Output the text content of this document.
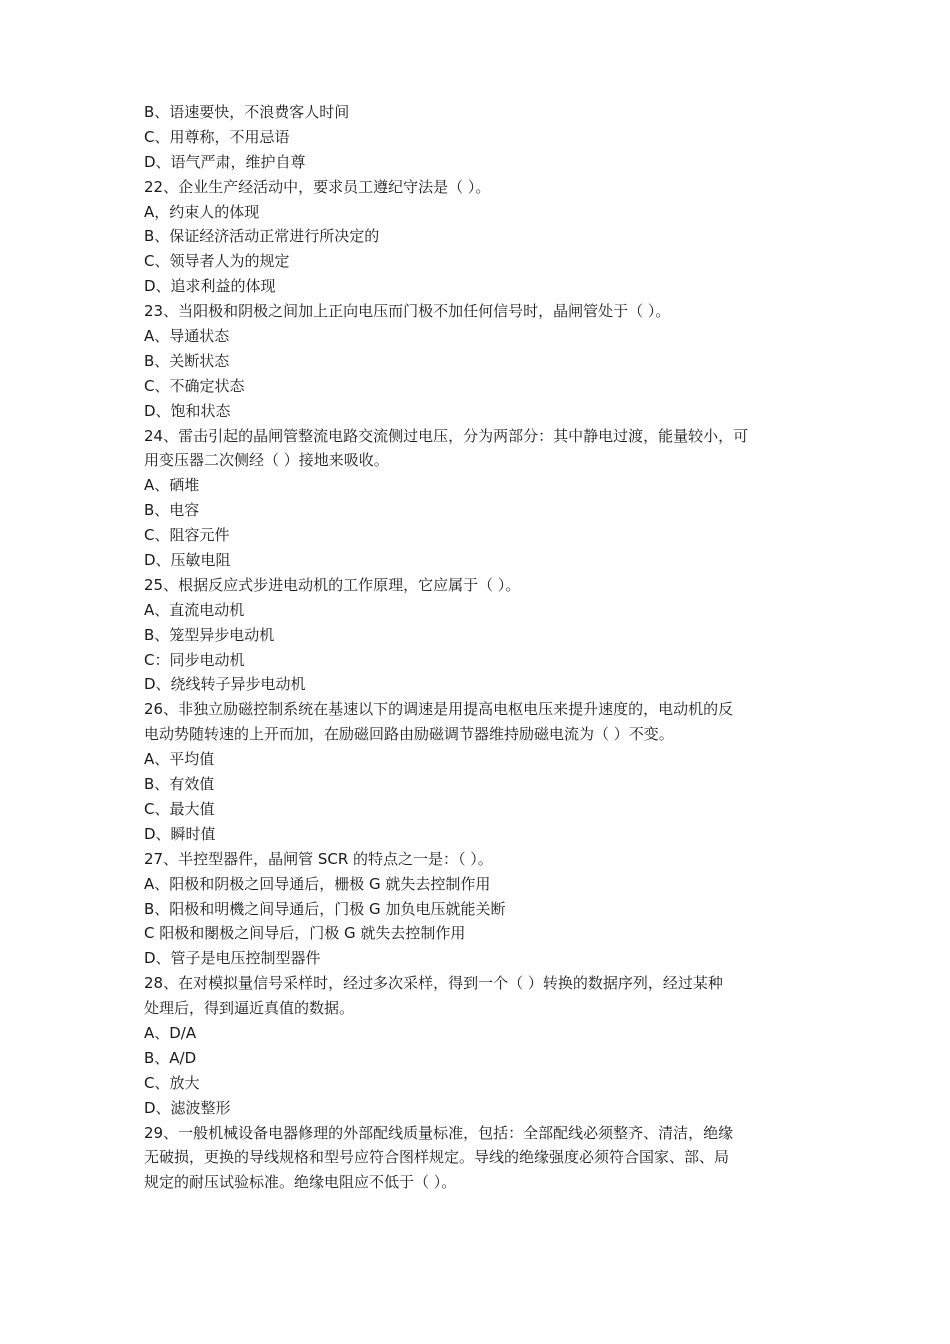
B、语速要快，不浪费客人时间
C、用尊称，不用忌语
D、语气严肃，维护自尊
22、企业生产经活动中，要求员工遵纪守法是（ ）。
A，约束人的体现
B、保证经济活动正常进行所决定的
C、领导者人为的规定
D、追求利益的体现
23、当阳极和阴极之间加上正向电压而门极不加任何信号时，晶闸管处于（ ）。
A、导通状态
B、关断状态
C、不确定状态
D、饱和状态
24、雷击引起的晶闸管整流电路交流侧过电压，分为两部分：其中静电过渡，能量较小，可
用变压器二次侧经（ ）接地来吸收。
A、硒堆
B、电容
C、阻容元件
D、压敏电阻
25、根据反应式步进电动机的工作原理，它应属于（ ）。
A、直流电动机
B、笼型异步电动机
C：同步电动机
D、绕线转子异步电动机
26、非独立励磁控制系统在基速以下的调速是用提高电枢电压来提升速度的，电动机的反
电动势随转速的上开而加，在励磁回路由励磁调节器维持励磁电流为（ ）不变。
A、平均值
B、有效值
C、最大值
D、瞬时值
27、半控型器件，晶闸管 SCR 的特点之一是：（ ）。
A、阳极和阴极之回导通后，栅极 G 就失去控制作用
B、阳极和明機之间导通后，门极 G 加负电压就能关断
C 阳极和閿极之间导后，门极 G 就失去控制作用
D、管子是电压控制型器件
28、在对模拟量信号采样时，经过多次采样，得到一个（ ）转换的数据序列，经过某种
处理后，得到逼近真值的数据。
A、D/A
B、A/D
C、放大
D、滤波整形
29、一般机械设备电器修理的外部配线质量标准，包括：全部配线必须整齐、清洁，绝缘
无破损，更换的导线规格和型号应符合图样规定。导线的绝缘强度必须符合国家、部、局
规定的耐压试验标准。绝缘电阻应不低于（ ）。
